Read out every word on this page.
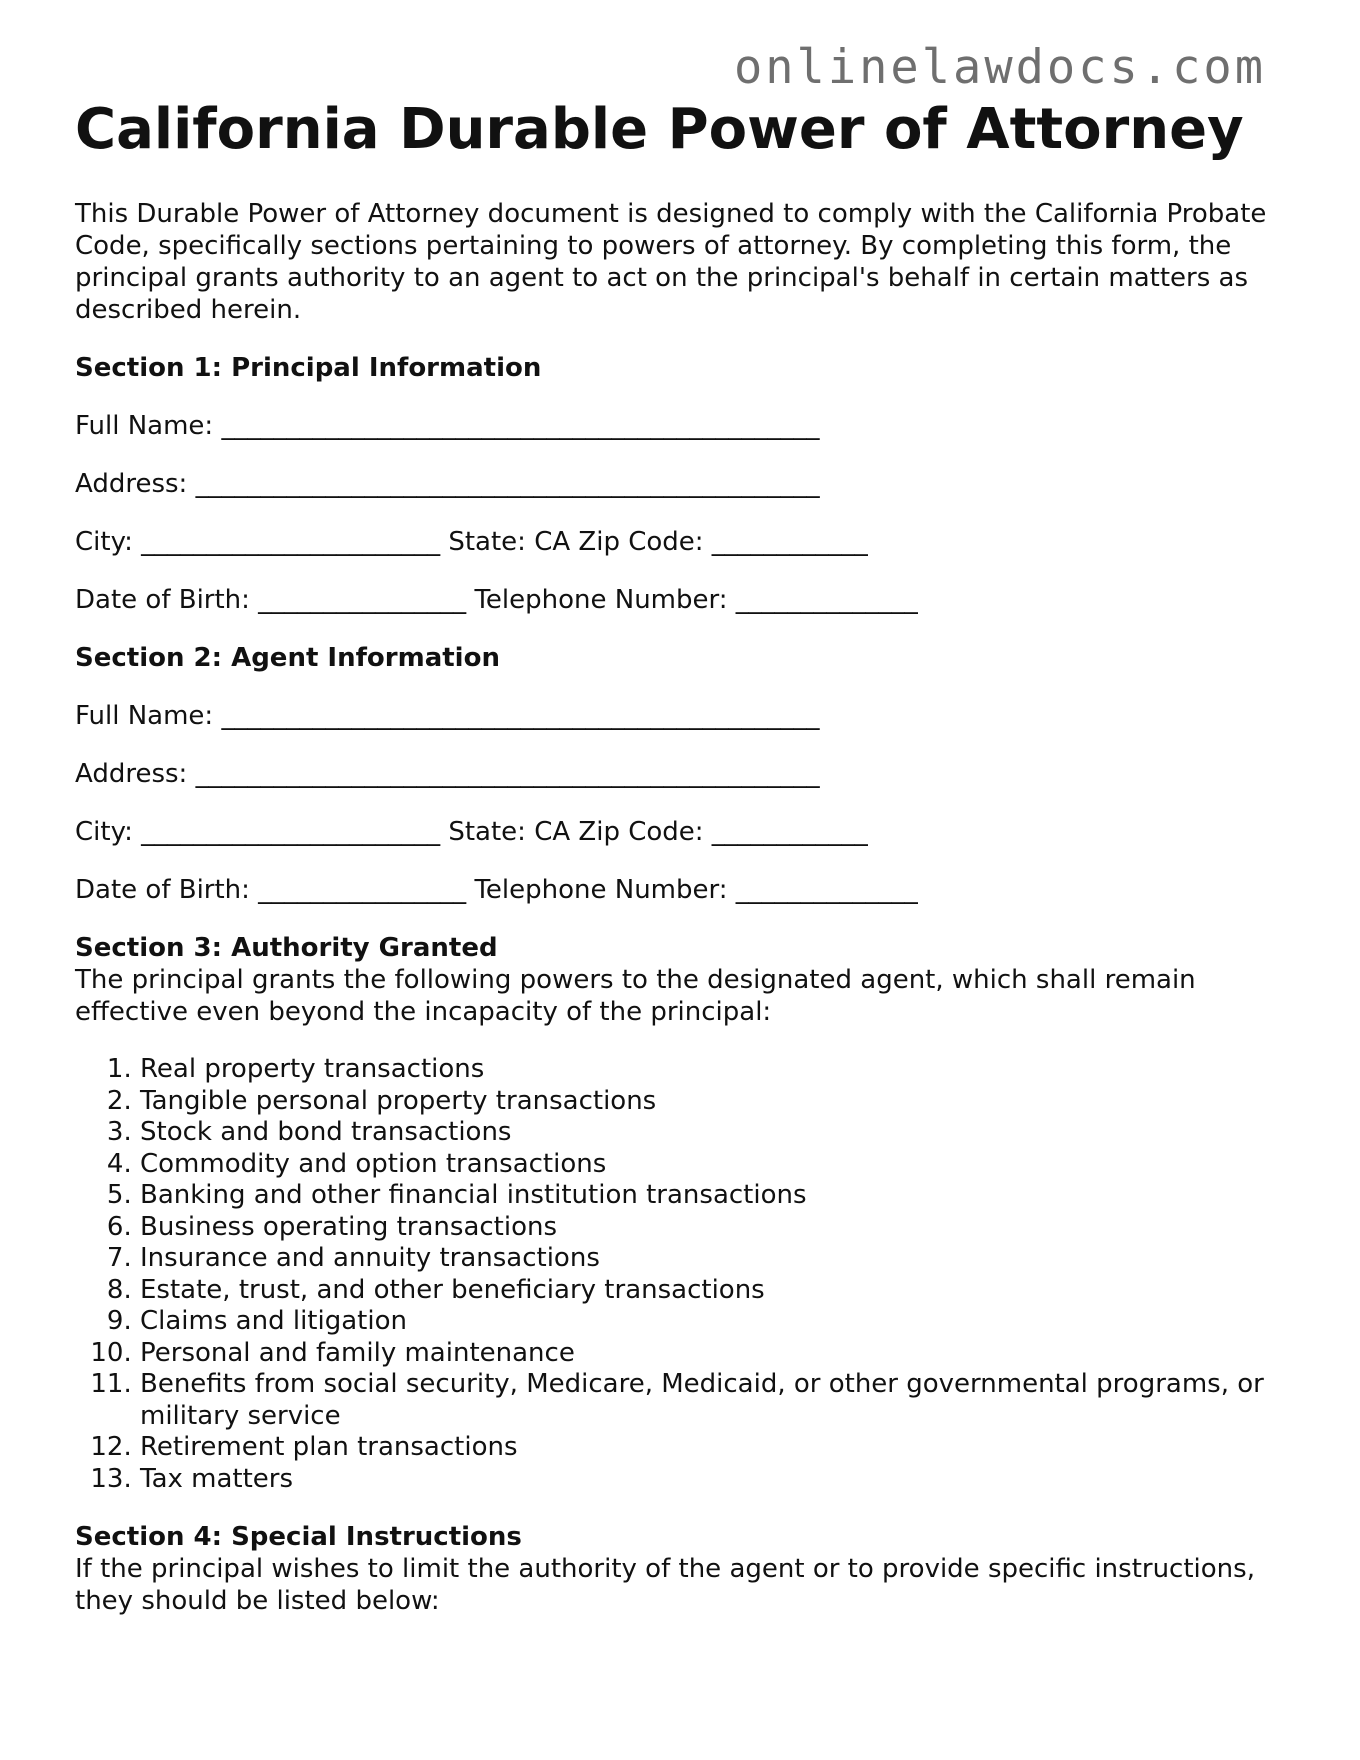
onlinelawdocs.com
California Durable Power of Attorney

This Durable Power of Attorney document is designed to comply with the California Probate Code, specifically sections pertaining to powers of attorney. By completing this form, the principal grants authority to an agent to act on the principal's behalf in certain matters as described herein.

Section 1: Principal Information
Full Name: ______________________________________________
Address: ________________________________________________
City: _______________________ State: CA Zip Code: ____________
Date of Birth: ________________ Telephone Number: ______________
Section 2: Agent Information
Full Name: ______________________________________________
Address: ________________________________________________
City: _______________________ State: CA Zip Code: ____________
Date of Birth: ________________ Telephone Number: ______________
Section 3: Authority Granted

The principal grants the following powers to the designated agent, which shall remain effective even beyond the incapacity of the principal:

1. Real property transactions
2. Tangible personal property transactions
3. Stock and bond transactions
4. Commodity and option transactions
5. Banking and other financial institution transactions
6. Business operating transactions
7. Insurance and annuity transactions
8. Estate, trust, and other beneficiary transactions
9. Claims and litigation
10. Personal and family maintenance
11. Benefits from social security, Medicare, Medicaid, or other governmental programs, or military service
12. Retirement plan transactions
13. Tax matters
Section 4: Special Instructions

If the principal wishes to limit the authority of the agent or to provide specific instructions, they should be listed below:
